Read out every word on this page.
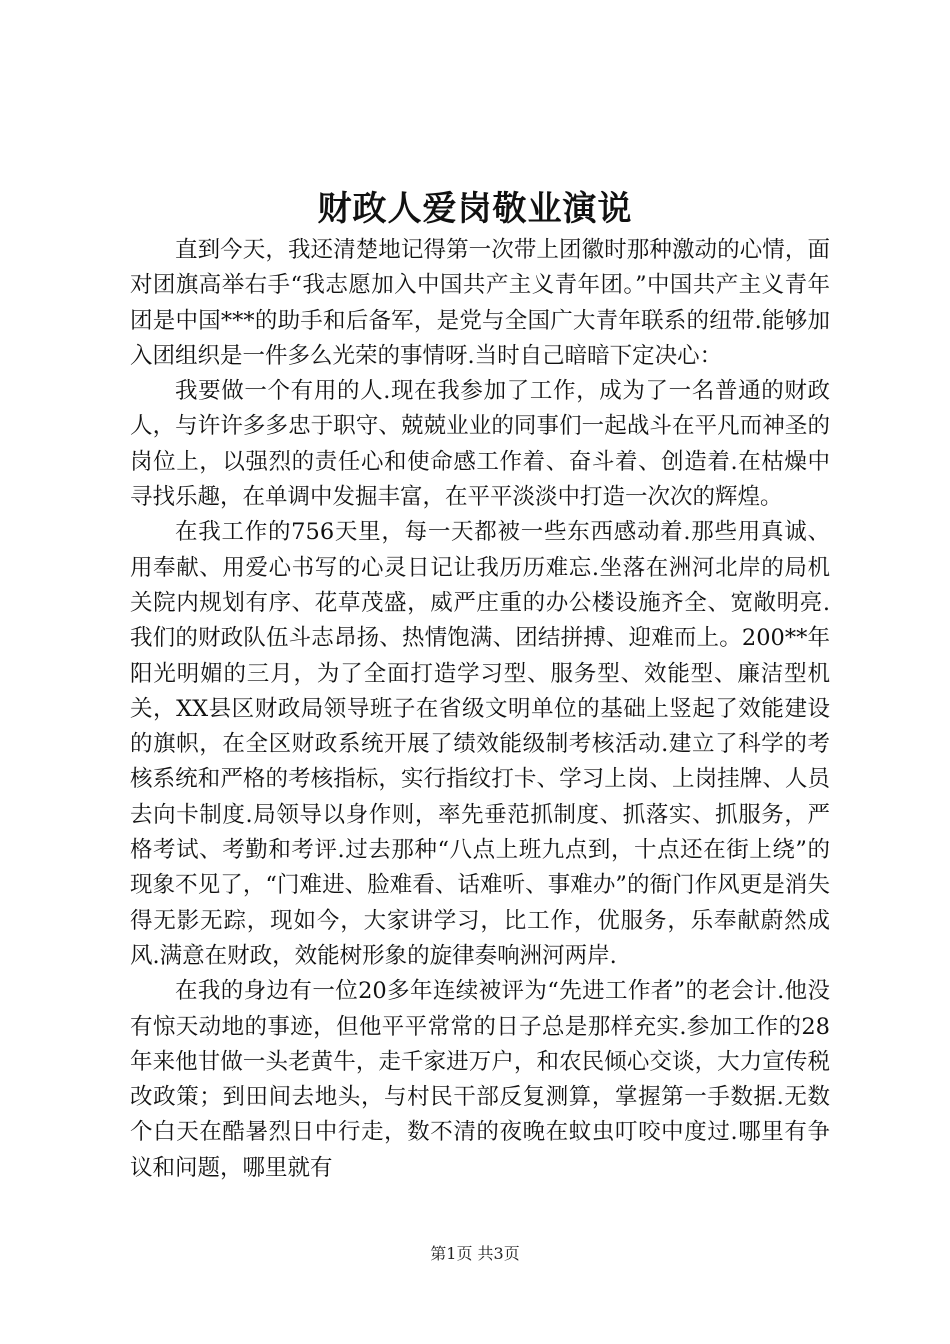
财政人爱岗敬业演说

直到今天，我还清楚地记得第一次带上团徽时那种激动的心情，面对团旗高举右手“我志愿加入中国共产主义青年团。”中国共产主义青年团是中国***的助手和后备军，是党与全国广大青年联系的纽带.能够加入团组织是一件多么光荣的事情呀.当时自己暗暗下定决心：

我要做一个有用的人.现在我参加了工作，成为了一名普通的财政人，与许许多多忠于职守、兢兢业业的同事们一起战斗在平凡而神圣的岗位上，以强烈的责任心和使命感工作着、奋斗着、创造着.在枯燥中寻找乐趣，在单调中发掘丰富，在平平淡淡中打造一次次的辉煌。

在我工作的756天里，每一天都被一些东西感动着.那些用真诚、用奉献、用爱心书写的心灵日记让我历历难忘.坐落在洲河北岸的局机关院内规划有序、花草茂盛，威严庄重的办公楼设施齐全、宽敞明亮.我们的财政队伍斗志昂扬、热情饱满、团结拼搏、迎难而上。200**年阳光明媚的三月，为了全面打造学习型、服务型、效能型、廉洁型机关，XX县区财政局领导班子在省级文明单位的基础上竖起了效能建设的旗帜，在全区财政系统开展了绩效能级制考核活动.建立了科学的考核系统和严格的考核指标，实行指纹打卡、学习上岗、上岗挂牌、人员去向卡制度.局领导以身作则，率先垂范抓制度、抓落实、抓服务，严格考试、考勤和考评.过去那种“八点上班九点到，十点还在街上绕”的现象不见了，“门难进、脸难看、话难听、事难办”的衙门作风更是消失得无影无踪，现如今，大家讲学习，比工作，优服务，乐奉献蔚然成风.满意在财政，效能树形象的旋律奏响洲河两岸.

在我的身边有一位20多年连续被评为“先进工作者”的老会计.他没有惊天动地的事迹，但他平平常常的日子总是那样充实.参加工作的28年来他甘做一头老黄牛，走千家进万户，和农民倾心交谈，大力宣传税改政策；到田间去地头，与村民干部反复测算，掌握第一手数据.无数个白天在酷暑烈日中行走，数不清的夜晚在蚊虫叮咬中度过.哪里有争议和问题，哪里就有

第1页 共3页
